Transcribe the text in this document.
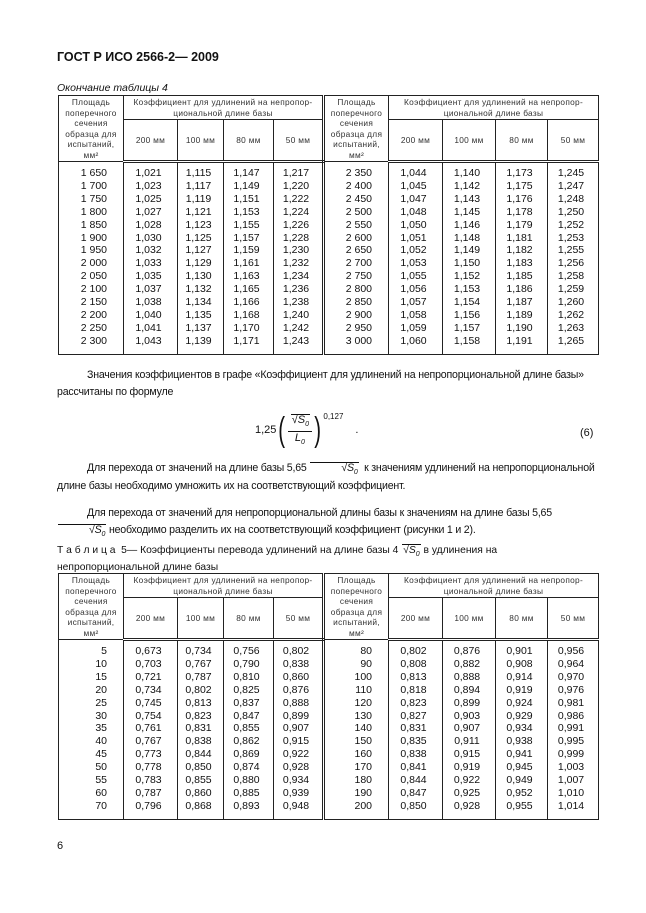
ГОСТ Р ИСО 2566-2— 2009
Окончание таблицы 4
Площадь поперечного сечения образца для испытаний, мм²	Коэффициент для удлинений на непропор-циональной длине базы				Площадь поперечного сечения образца для испытаний, мм²	Коэффициент для удлинений на непропор-циональной длине базы			
	200 мм	100 мм	80 мм	50 мм		200 мм	100 мм	80 мм	50 мм
1 650	1,021	1,115	1,147	1,217	2 350	1,044	1,140	1,173	1,245
1 700	1,023	1,117	1,149	1,220	2 400	1,045	1,142	1,175	1,247
1 750	1,025	1,119	1,151	1,222	2 450	1,047	1,143	1,176	1,248
1 800	1,027	1,121	1,153	1,224	2 500	1,048	1,145	1,178	1,250
1 850	1,028	1,123	1,155	1,226	2 550	1,050	1,146	1,179	1,252
1 900	1,030	1,125	1,157	1,228	2 600	1,051	1,148	1,181	1,253
1 950	1,032	1,127	1,159	1,230	2 650	1,052	1,149	1,182	1,255
2 000	1,033	1,129	1,161	1,232	2 700	1,053	1,150	1,183	1,256
2 050	1,035	1,130	1,163	1,234	2 750	1,055	1,152	1,185	1,258
2 100	1,037	1,132	1,165	1,236	2 800	1,056	1,153	1,186	1,259
2 150	1,038	1,134	1,166	1,238	2 850	1,057	1,154	1,187	1,260
2 200	1,040	1,135	1,168	1,240	2 900	1,058	1,156	1,189	1,262
2 250	1,041	1,137	1,170	1,242	2 950	1,059	1,157	1,190	1,263
2 300	1,043	1,139	1,171	1,243	3 000	1,060	1,158	1,191	1,265
Значения коэффициентов в графе «Коэффициент для удлинений на непропорциональной длине базы» рассчитаны по формуле
1,25 ( √ $\frac{S_0}{L_0}$ ) 0,127
.	(6)
Для перехода от значений на длине базы 5,65	√ $S_0$ к значениям удлинений на непропорциональной длине базы необходимо умножить их на соответствующий коэффициент.
Для перехода от значений для непропорциональной длины базы к значениям на длине базы 5,65 √ $S_0$ необходимо разделить их на соответствующий коэффициент (рисунки 1 и 2).
Т а б л и ц а  5— Коэффициенты перевода удлинений на длине базы 4 √ $S_0$ в удлинения на непропорциональной длине базы
Площадь поперечного сечения образца для испытаний, мм²	Коэффициент для удлинений на непропор-циональной длине базы				Площадь поперечного сечения образца для испытаний, мм²	Коэффициент для удлинений на непропор-циональной длине базы			
	200 мм	100 мм	80 мм	50 мм		200 мм	100 мм	80 мм	50 мм
5	0,673	0,734	0,756	0,802	80	0,802	0,876	0,901	0,956
10	0,703	0,767	0,790	0,838	90	0,808	0,882	0,908	0,964
15	0,721	0,787	0,810	0,860	100	0,813	0,888	0,914	0,970
20	0,734	0,802	0,825	0,876	110	0,818	0,894	0,919	0,976
25	0,745	0,813	0,837	0,888	120	0,823	0,899	0,924	0,981
30	0,754	0,823	0,847	0,899	130	0,827	0,903	0,929	0,986
35	0,761	0,831	0,855	0,907	140	0,831	0,907	0,934	0,991
40	0,767	0,838	0,862	0,915	150	0,835	0,911	0,938	0,995
45	0,773	0,844	0,869	0,922	160	0,838	0,915	0,941	0,999
50	0,778	0,850	0,874	0,928	170	0,841	0,919	0,945	1,003
55	0,783	0,855	0,880	0,934	180	0,844	0,922	0,949	1,007
60	0,787	0,860	0,885	0,939	190	0,847	0,925	0,952	1,010
70	0,796	0,868	0,893	0,948	200	0,850	0,928	0,955	1,014
6
